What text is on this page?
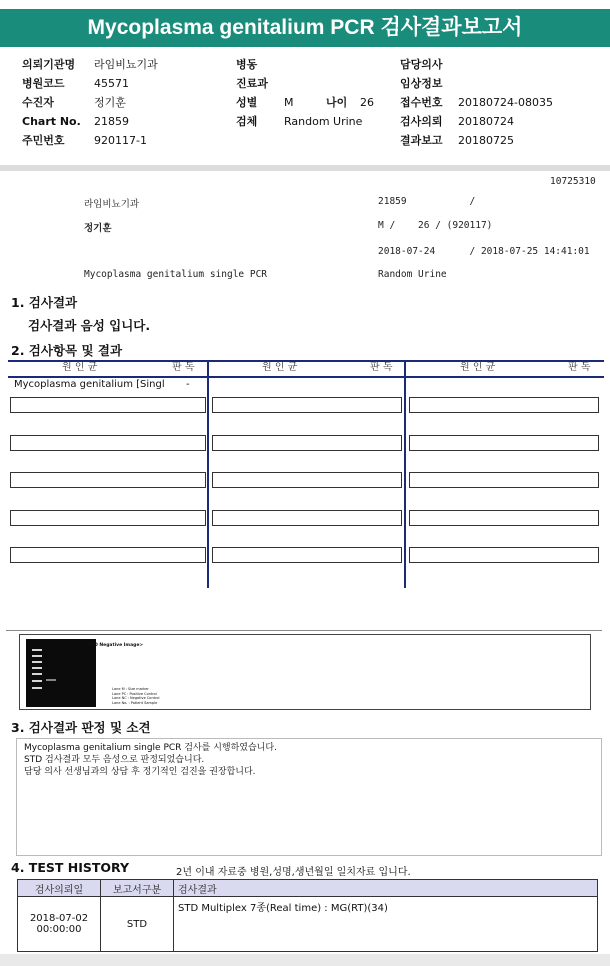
Mycoplasma genitalium PCR 검사결과보고서
의뢰기관명 라임비뇨기과
병원코드	45571
수진자	정기훈
Chart No. 21859
주민번호	920117-1
병동
진료과
성별 M	나이 26
검체 Random Urine
담당의사
임상정보
접수번호 20180724-08035
검사의뢰 20180724
결과보고 20180725
10725310
라임비뇨기과	21859           /
정기훈	M /    26 / (920117)
2018-07-24      / 2018-07-25 14:41:01
Mycoplasma genitalium single PCR	Random Urine
1. 검사결과
검사결과 음성 입니다.
2. 검사항목 및 결과
원 인 균	판 독	원 인 균	판 독	원 인 균	판 독
Mycoplasma genitalium [Singl -
<STD Negative Image>
Lane M : Size marker
Lane PC : Positive Control
Lane NC : Negative Control
Lane No. : Patient Sample
3. 검사결과 판정 및 소견
Mycoplasma genitalium single PCR 검사를 시행하였습니다.
STD 검사결과 모두 음성으로 판정되었습니다.
담당 의사 선생님과의 상담 후 정기적인 검진을 권장합니다.
4. TEST HISTORY	2년 이내 자료중 병원,성명,생년월일 일치자료 입니다.
검사의뢰일	보고서구분	검사결과

2018-07-02
00:00:00	STD	STD Multiplex 7종(Real time) : MG(RT)(34)
